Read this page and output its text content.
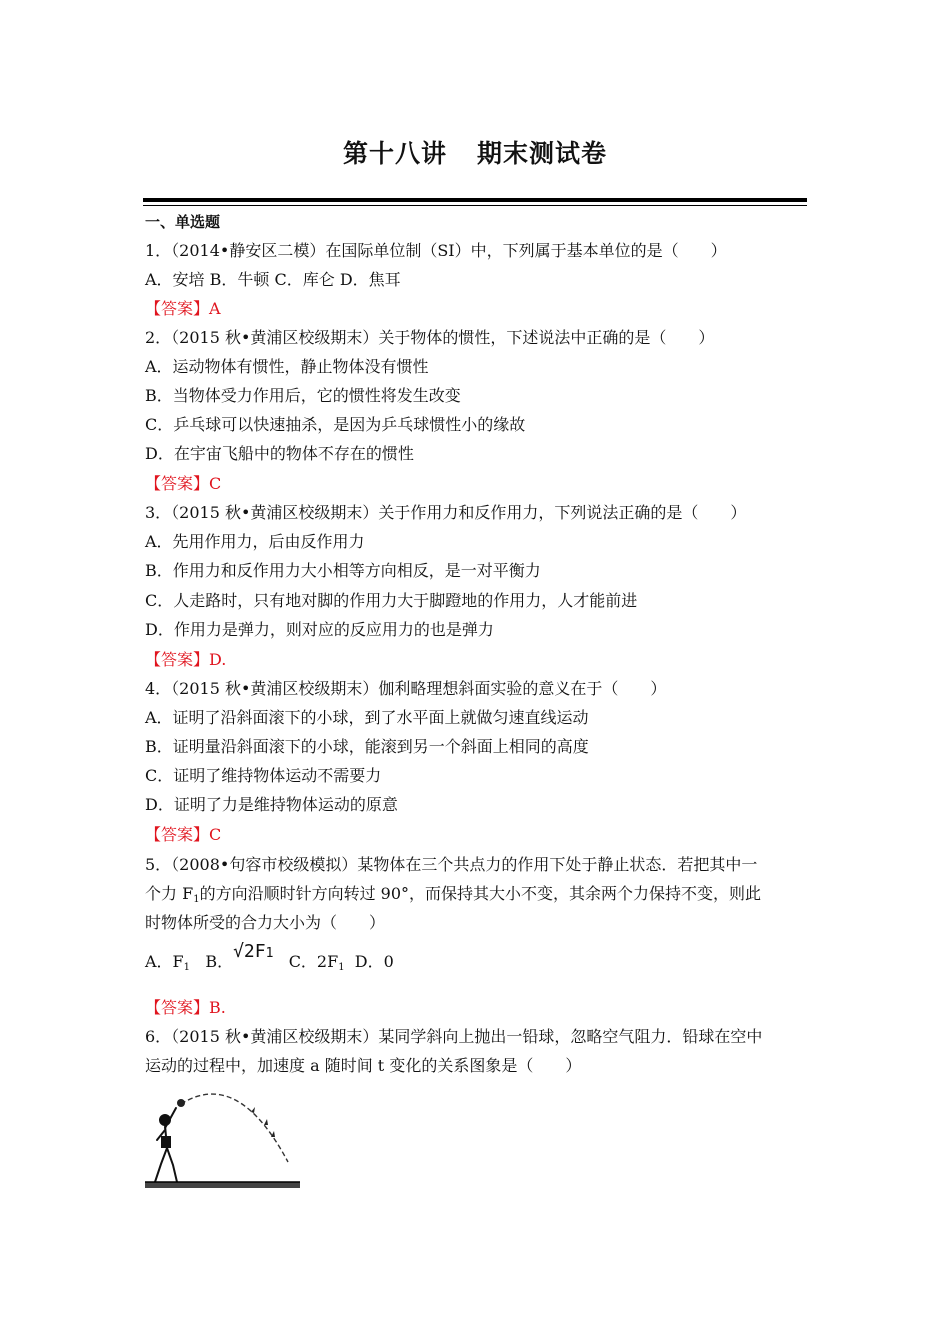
第十八讲 期末测试卷
一、单选题
1．（2014•静安区二模）在国际单位制（SI）中，下列属于基本单位的是（　　）
A．安培 B．牛顿 C．库仑 D．焦耳
【答案】A
2．（2015 秋•黄浦区校级期末）关于物体的惯性，下述说法中正确的是（　　）
A．运动物体有惯性，静止物体没有惯性
B．当物体受力作用后，它的惯性将发生改变
C．乒乓球可以快速抽杀，是因为乒乓球惯性小的缘故
D．在宇宙飞船中的物体不存在的惯性
【答案】C
3．（2015 秋•黄浦区校级期末）关于作用力和反作用力，下列说法正确的是（　　）
A．先用作用力，后由反作用力
B．作用力和反作用力大小相等方向相反，是一对平衡力
C．人走路时，只有地对脚的作用力大于脚蹬地的作用力，人才能前进
D．作用力是弹力，则对应的反应用力的也是弹力
【答案】D.
4．（2015 秋•黄浦区校级期末）伽利略理想斜面实验的意义在于（　　）
A．证明了沿斜面滚下的小球，到了水平面上就做匀速直线运动
B．证明量沿斜面滚下的小球，能滚到另一个斜面上相同的高度
C．证明了维持物体运动不需要力
D．证明了力是维持物体运动的原意
【答案】C
5．（2008•句容市校级模拟）某物体在三个共点力的作用下处于静止状态．若把其中一
个力 $F_1$的方向沿顺时针方向转过 90°，而保持其大小不变，其余两个力保持不变，则此
时物体所受的合力大小为（　　）
A．$F_1$ B．√2F1 C．$2F_1$ D．0
【答案】B.
6．（2015 秋•黄浦区校级期末）某同学斜向上抛出一铅球，忽略空气阻力．铅球在空中
运动的过程中，加速度 a 随时间 t 变化的关系图象是（　　）
